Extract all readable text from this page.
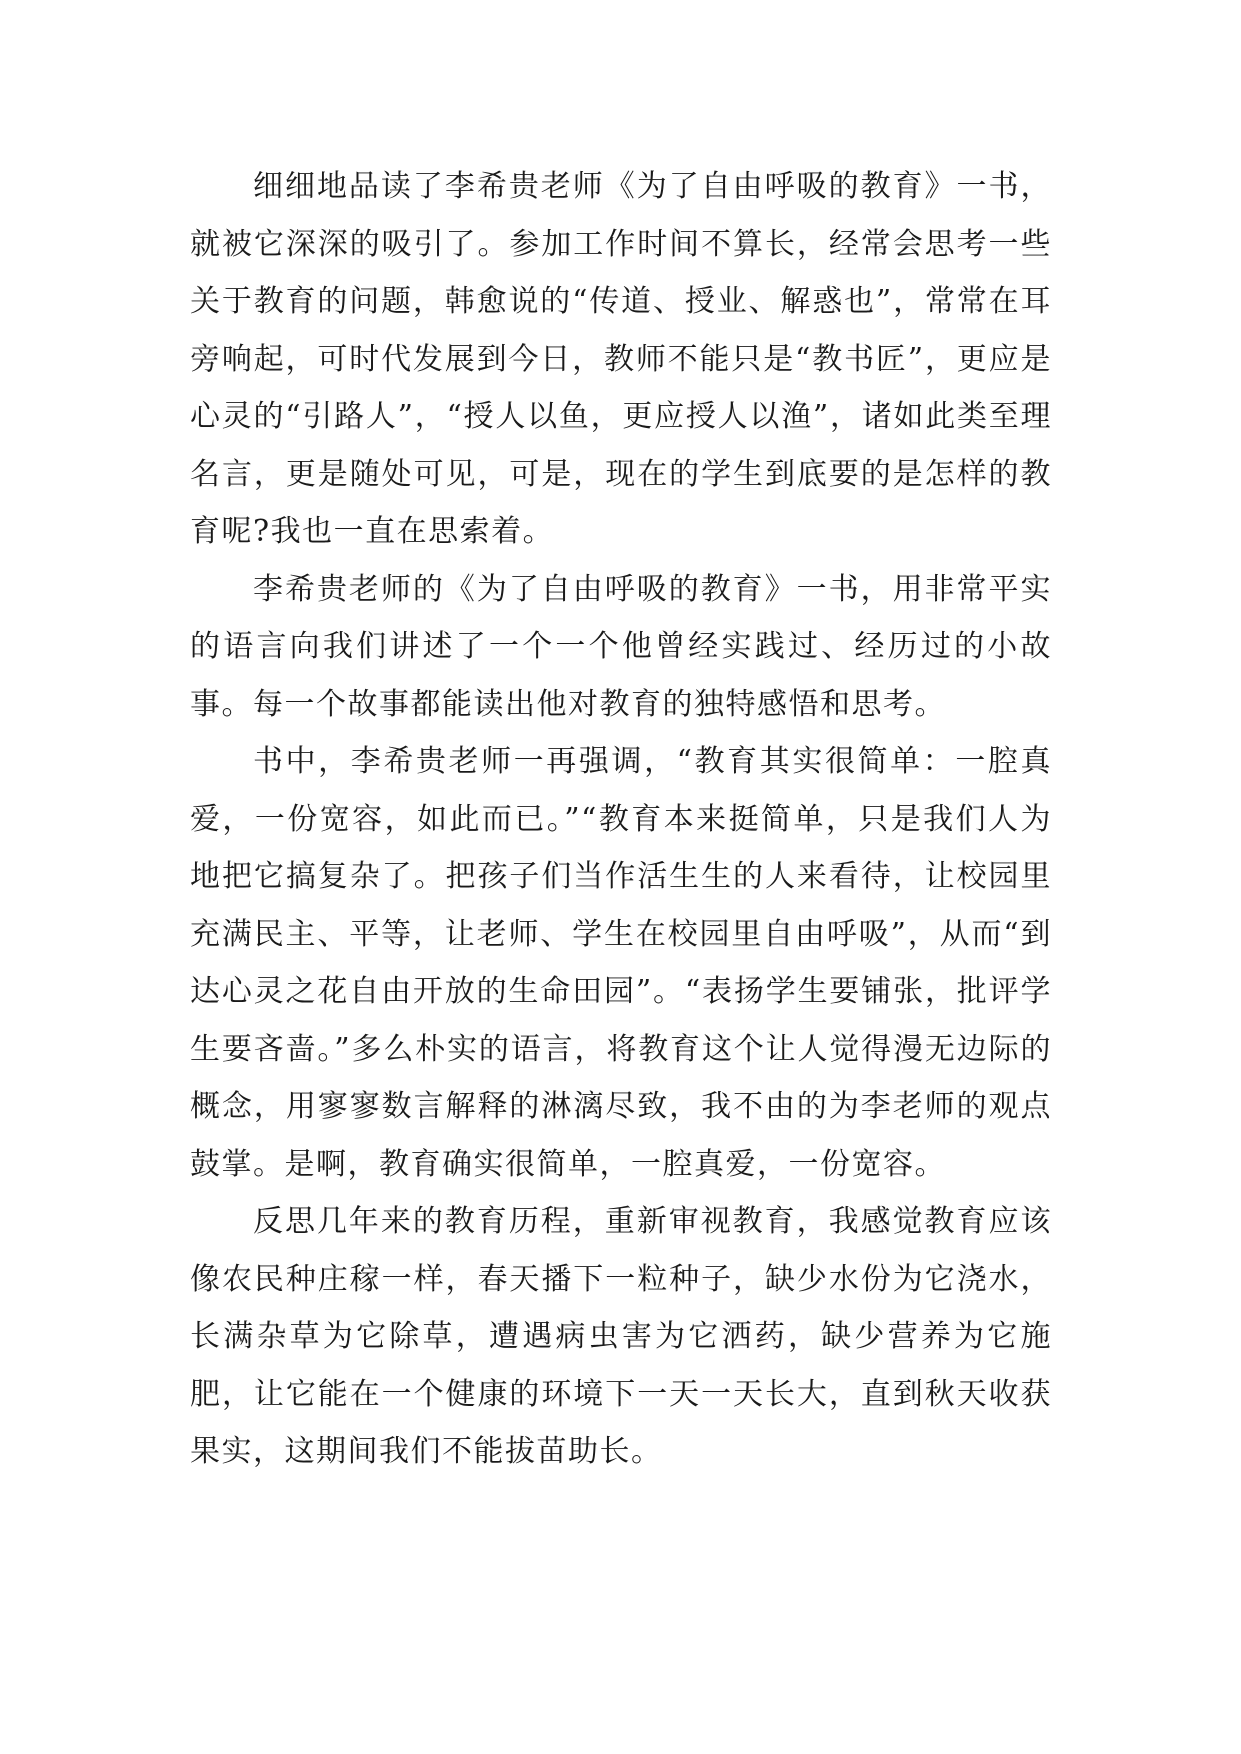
细细地品读了李希贵老师《为了自由呼吸的教育》一书，就被它深深的吸引了。参加工作时间不算长，经常会思考一些关于教育的问题，韩愈说的“传道、授业、解惑也”，常常在耳旁响起，可时代发展到今日，教师不能只是“教书匠”，更应是心灵的“引路人”，“授人以鱼，更应授人以渔”，诸如此类至理名言，更是随处可见，可是，现在的学生到底要的是怎样的教育呢?我也一直在思索着。

李希贵老师的《为了自由呼吸的教育》一书，用非常平实的语言向我们讲述了一个一个他曾经实践过、经历过的小故事。每一个故事都能读出他对教育的独特感悟和思考。

书中，李希贵老师一再强调，“教育其实很简单：一腔真爱，一份宽容，如此而已。”“教育本来挺简单，只是我们人为地把它搞复杂了。把孩子们当作活生生的人来看待，让校园里充满民主、平等，让老师、学生在校园里自由呼吸”，从而“到达心灵之花自由开放的生命田园”。“表扬学生要铺张，批评学生要吝啬。”多么朴实的语言，将教育这个让人觉得漫无边际的概念，用寥寥数言解释的淋漓尽致，我不由的为李老师的观点鼓掌。是啊，教育确实很简单，一腔真爱，一份宽容。

反思几年来的教育历程，重新审视教育，我感觉教育应该像农民种庄稼一样，春天播下一粒种子，缺少水份为它浇水，长满杂草为它除草，遭遇病虫害为它洒药，缺少营养为它施肥，让它能在一个健康的环境下一天一天长大，直到秋天收获果实，这期间我们不能拔苗助长。
